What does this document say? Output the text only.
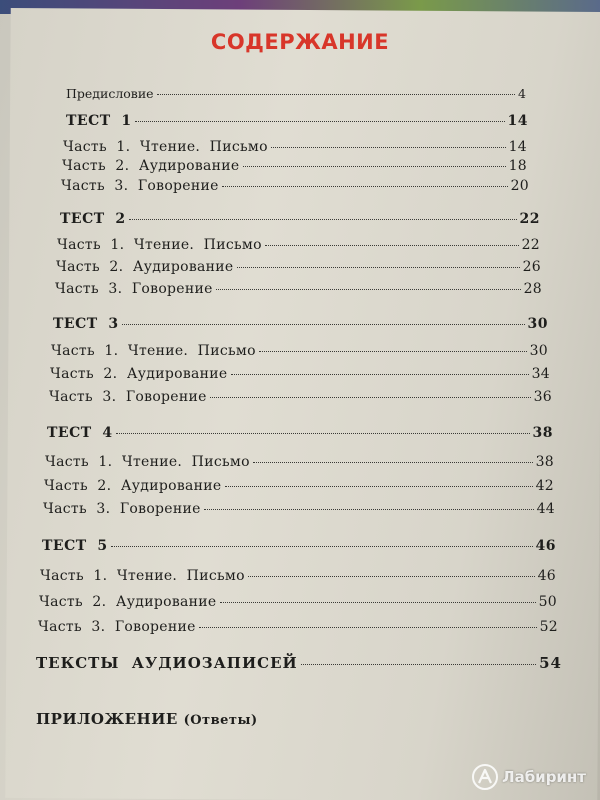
СОДЕРЖАНИЕ
Предисловие	4
ТЕСТ  1	14
Часть  1.  Чтение.  Письмо	14
Часть  2.  Аудирование	18
Часть  3.  Говорение	20
ТЕСТ  2	22
Часть  1.  Чтение.  Письмо	22
Часть  2.  Аудирование	26
Часть  3.  Говорение	28
ТЕСТ  3	30
Часть  1.  Чтение.  Письмо	30
Часть  2.  Аудирование	34
Часть  3.  Говорение	36
ТЕСТ  4	38
Часть  1.  Чтение.  Письмо	38
Часть  2.  Аудирование	42
Часть  3.  Говорение	44
ТЕСТ  5	46
Часть  1.  Чтение.  Письмо	46
Часть  2.  Аудирование	50
Часть  3.  Говорение	52
ТЕКСТЫ  АУДИОЗАПИСЕЙ	54
ПРИЛОЖЕНИЕ (Ответы)
Лабиринт
